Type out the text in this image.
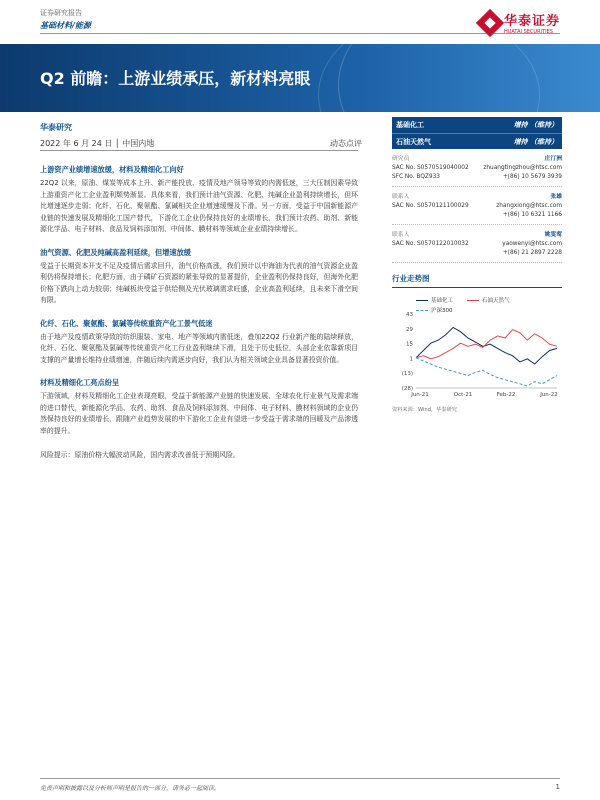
证券研究报告
基础材料/能源	华泰证券
HUATAI SECURITIES
Q2 前瞻：上游业绩承压，新材料亮眼
华泰研究
2022 年 6 月 24 日 │ 中国内地	动态点评
上游资产业绩增速放缓，材料及精细化工向好
22Q2 以来，原油、煤炭等成本上升、新产能投放、疫情及地产领导等致的内需低迷，三大压制因素导致上游重资产化工企业盈利颓势渐显。具体来看，我们预计油气资源、化肥、纯碱企业盈利持续增长，但环比增速逐步走弱；化纤、石化、聚氨酯、氯碱相关企业增速缓慢及下滑。另一方面，受益于中国新能源产业链的快速发展及精细化工国产替代，下游化工企业仍保持良好的业绩增长，我们预计农药、助剂、新能源化学品、电子材料、食品及饲料添加剂、中间体、膜材料等领域企业业绩持续增长。
油气资源、化肥及纯碱高盈利延续，但增速放缓
受益于长期资本开支不足及疫情后需求回升，油气价格高涨，我们预计以中海油为代表的油气资源企业盈利仍将保持增长；化肥方面，由于磷矿石资源的紧张导致的显著提价，企业盈利仍保持良好，但海外化肥价格下跌向上动力较弱；纯碱板块受益于供给侧及光伏玻璃需求旺盛，企业高盈利延续，且未来下滑空间有限。
化纤、石化、聚氨酯、氯碱等传统重资产化工景气低迷
由于地产及疫情政策导致的纺织服装、家电、地产等领域内需低迷，叠加22Q2 行业新产能的陆续释放，化纤、石化、聚氨酯及氯碱等传统重资产化工行业盈利继续下滑，且处于历史低位，头部企业依靠新项目支撑的产量增长维持业绩增速，伴随后续内需逐步向好，我们认为相关领域企业具备显著投资价值。
材料及精细化工亮点纷呈
下游领域，材料及精细化工企业表现亮眼，受益于新能源产业链的快速发展、全球农化行业景气及需求端的进口替代，新能源化学品、农药、助剂、食品及饲料添加剂、中间体、电子材料、膜材料领域的企业仍然保持良好的业绩增长，跟随产业趋势发展的中下游化工企业有望进一步受益于需求端的回暖及产品渗透率的提升。
风险提示：原油价格大幅波动风险，国内需求改善低于预期风险。
基础化工	增持 （维持）
石油天然气	增持 （维持）
研究员	庄汀洲
SAC No. S0570519040002	zhuangtingzhou@htsc.com
SFC No. BQZ933	+(86) 10 5679 3939
联系人	张雄
SAC No. S0570121100029	zhangxiong@htsc.com
+(86) 10 6321 1166
联系人	姚雯莺
SAC No. S0570122010032	yaowenyi@htsc.com
+(86) 21 2897 2228
行业走势图
43
29
15
1
(13)
(28)
Jun-21	Oct-21	Feb-22	Jun-22
基础化工	石油天然气
沪深300
资料来源：Wind，华泰研究
免责声明和披露以及分析师声明是报告的一部分，请务必一起阅读。	1
